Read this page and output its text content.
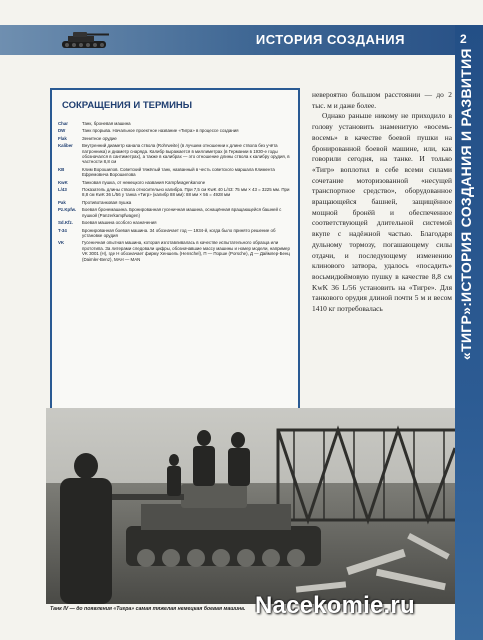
ИСТОРИЯ СОЗДАНИЯ	2
«ТИГР»:ИСТОРИЯ СОЗДАНИЯ И РАЗВИТИЯ
СОКРАЩЕНИЯ И ТЕРМИНЫ
Char	Танк, броневая машина
DW	Танк прорыва. Начальное проектное название «Тигра» в процессе создания
Flak	Зенитное орудие
Kaliber	Внутренний диаметр канала ствола (Rohrweite) (в лучшем отношении к длине ствола без учёта патронника) и диаметр снаряда. Калибр выражается в миллиметрах (в Германии в 1930-е годы обозначался в сантиметрах), а также в калибрах — это отношение длины ствола к калибру орудия, в частности 8,8 см
KB	Клим Ворошилов. Советский тяжёлый танк, названный в честь советского маршала Климента Ефремовича Ворошилова
KwK	Танковая пушка, от немецкого названия Kampfwagenkanone
L/43	Показатель длины ствола относительно калибра. При 7,5 см KwK 40 L/43: 75 мм × 43 = 3225 мм. При 8,8 см KwK 36 L/56 у танка «Тигр» (калибр 88 мм): 88 мм × 56 = 4928 мм
Pak	Противотанковая пушка
Pz.Kpfw.	Боевая бронемашина. Бронированная гусеничная машина, оснащённая вращающейся башней с пушкой (Panzerkampfwagen)
Sd.Kfz.	Боевая машина особого назначения
T-34	Бронированная боевая машина. 34 обозначает год — 1934-й, когда было принято решение об установке орудия
VK	Гусеничная опытная машина, которая изготавливалась в качестве испытательного образца или прототипа. За литерами следовали цифры, обозначавшие массу машины и номер модели, например VK 3001 (Н), где Н обозначает фирму Хеншель (Henschel), П — Порше (Porsche), Д — Даймлер-Бенц (Daimler-Benz), МАН — MAN

невероятно большом расстоянии — до 2 тыс. м и даже более.

Однако раньше никому не приходило в голову установить знаменитую «восемь-восемь» в качестве боевой пушки на бронированной боевой машине, или, как говорили сегодня, на танке. И только «Тигр» воплотил в себе всеми силами сочетание моторизованной «несущей транспортное средство», оборудованное вращающейся башней, защищённое мощной бронёй и обеспеченное соответствующей длительной системой вкупе с надёжной частью. Благодаря дульному тормозу, погашающему силы отдачи, и последующему изменению клинового затвора, удалось «посадить» восьмидюймовую пушку в качестве 8,8 см KwK 36 L/56 установить на «Тигре». Для танкового орудия длиной почти 5 м и весом 1410 кг потребовалась

Танк IV — до появления «Тигра» самая тяжелая немецкая боевая машина. Nacekomie.ru
